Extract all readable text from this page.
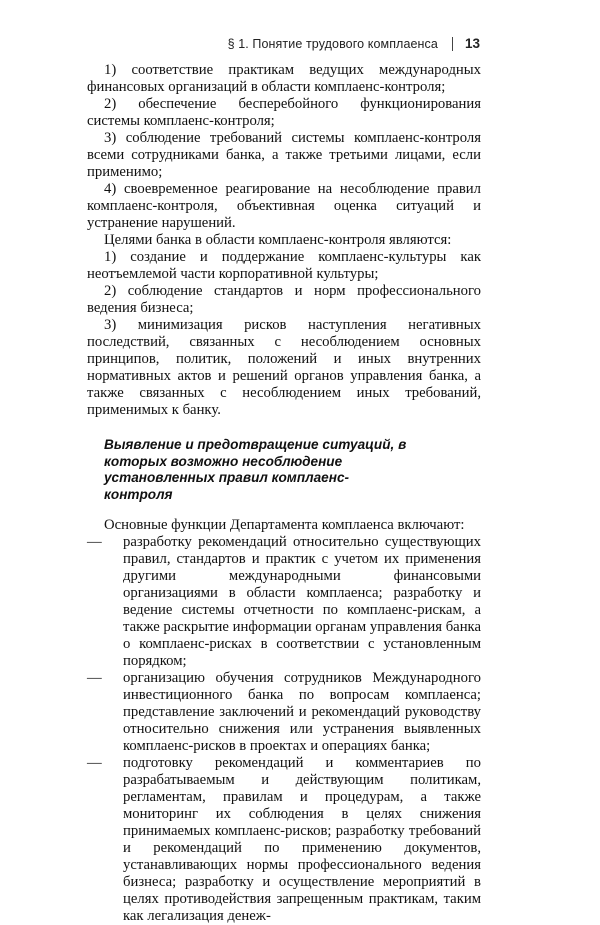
§ 1. Понятие трудового комплаенса 13

1) соответствие практикам ведущих международных финансовых организаций в области комплаенс-контроля;

2) обеспечение бесперебойного функционирования системы комплаенс-контроля;

3) соблюдение требований системы комплаенс-контроля всеми сотрудниками банка, а также третьими лицами, если применимо;

4) своевременное реагирование на несоблюдение правил комплаенс-контроля, объективная оценка ситуаций и устранение нарушений.

Целями банка в области комплаенс-контроля являются:

1) создание и поддержание комплаенс-культуры как неотъемлемой части корпоративной культуры;

2) соблюдение стандартов и норм профессионального ведения бизнеса;

3) минимизация рисков наступления негативных последствий, связанных с несоблюдением основных принципов, политик, положений и иных внутренних нормативных актов и решений органов управления банка, а также связанных с несоблюдением иных требований, применимых к банку.

Выявление и предотвращение ситуаций, в которых возможно несоблюдение установленных правил комплаенс-контроля

Основные функции Департамента комплаенса включают:

—	разработку рекомендаций относительно существующих правил, стандартов и практик с учетом их применения другими международными финансовыми организациями в области комплаенса; разработку и ведение системы отчетности по комплаенс-рискам, а также раскрытие информации органам управления банка о комплаенс-рисках в соответствии с установленным порядком;
—	организацию обучения сотрудников Международного инвестиционного банка по вопросам комплаенса; представление заключений и рекомендаций руководству относительно снижения или устранения выявленных комплаенс-рисков в проектах и операциях банка;
—	подготовку рекомендаций и комментариев по разрабатываемым и действующим политикам, регламентам, правилам и процедурам, а также мониторинг их соблюдения в целях снижения принимаемых комплаенс-рисков; разработку требований и рекомендаций по применению документов, устанавливающих нормы профессионального ведения бизнеса; разработку и осуществление мероприятий в целях противодействия запрещенным практикам, таким как легализация денеж-
